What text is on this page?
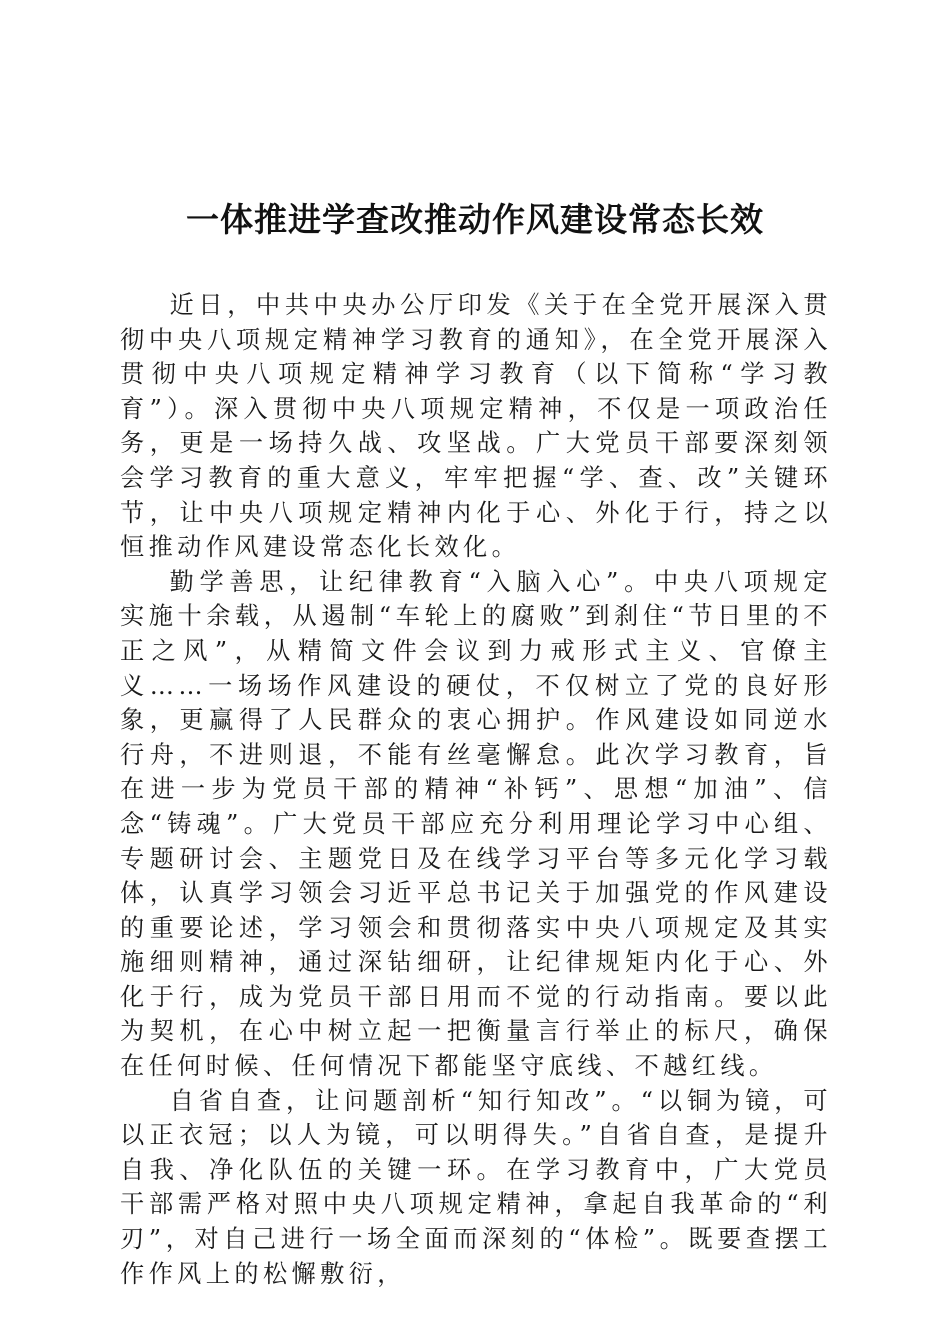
一体推进学查改推动作风建设常态长效

近日，中共中央办公厅印发《关于在全党开展深入贯彻中央八项规定精神学习教育的通知》，在全党开展深入贯彻中央八项规定精神学习教育（以下简称“学习教育”）。深入贯彻中央八项规定精神，不仅是一项政治任务，更是一场持久战、攻坚战。广大党员干部要深刻领会学习教育的重大意义，牢牢把握“学、查、改”关键环节，让中央八项规定精神内化于心、外化于行，持之以恒推动作风建设常态化长效化。

勤学善思，让纪律教育“入脑入心”。中央八项规定实施十余载，从遏制“车轮上的腐败”到刹住“节日里的不正之风”，从精简文件会议到力戒形式主义、官僚主义……一场场作风建设的硬仗，不仅树立了党的良好形象，更赢得了人民群众的衷心拥护。作风建设如同逆水行舟，不进则退，不能有丝毫懈怠。此次学习教育，旨在进一步为党员干部的精神“补钙”、思想“加油”、信念“铸魂”。广大党员干部应充分利用理论学习中心组、专题研讨会、主题党日及在线学习平台等多元化学习载体，认真学习领会习近平总书记关于加强党的作风建设的重要论述，学习领会和贯彻落实中央八项规定及其实施细则精神，通过深钻细研，让纪律规矩内化于心、外化于行，成为党员干部日用而不觉的行动指南。要以此为契机，在心中树立起一把衡量言行举止的标尺，确保在任何时候、任何情况下都能坚守底线、不越红线。

自省自查，让问题剖析“知行知改”。“以铜为镜，可以正衣冠；以人为镜，可以明得失。”自省自查，是提升自我、净化队伍的关键一环。在学习教育中，广大党员干部需严格对照中央八项规定精神，拿起自我革命的“利刃”，对自己进行一场全面而深刻的“体检”。既要查摆工作作风上的松懈敷衍，
